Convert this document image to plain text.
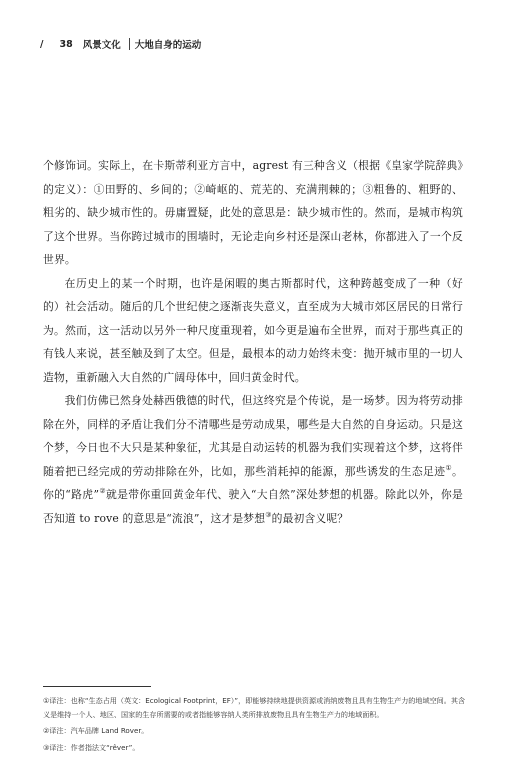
/ 38 风景文化 大地自身的运动

个修饰词。实际上，在卡斯蒂利亚方言中，agrest 有三种含义（根据《皇家学院辞典》的定义）：①田野的、乡间的；②崎岖的、荒芜的、充满荆棘的；③粗鲁的、粗野的、粗劣的、缺少城市性的。毋庸置疑，此处的意思是：缺少城市性的。然而，是城市构筑了这个世界。当你跨过城市的围墙时，无论走向乡村还是深山老林，你都进入了一个反世界。

在历史上的某一个时期，也许是闲暇的奥古斯都时代，这种跨越变成了一种（好的）社会活动。随后的几个世纪使之逐渐丧失意义，直至成为大城市郊区居民的日常行为。然而，这一活动以另外一种尺度重现着，如今更是遍布全世界，而对于那些真正的有钱人来说，甚至触及到了太空。但是，最根本的动力始终未变：抛开城市里的一切人造物，重新融入大自然的广阔母体中，回归黄金时代。

我们仿佛已然身处赫西俄德的时代，但这终究是个传说，是一场梦。因为将劳动排除在外，同样的矛盾让我们分不清哪些是劳动成果，哪些是大自然的自身运动。只是这个梦，今日也不大只是某种象征，尤其是自动运转的机器为我们实现着这个梦，这将伴随着把已经完成的劳动排除在外，比如，那些消耗掉的能源，那些诱发的生态足迹①。你的“路虎”②就是带你重回黄金年代、驶入“大自然”深处梦想的机器。除此以外，你是否知道 to rove 的意思是“流浪”，这才是梦想③的最初含义呢？

①译注：也称“生态占用（英文：Ecological Footprint，EF）”，即能够持续地提供资源或消纳废物且具有生物生产力的地域空间。其含义是维持一个人、地区、国家的生存所需要的或者指能够容纳人类所排放废物且具有生物生产力的地域面积。

②译注：汽车品牌 Land Rover。

③译注：作者指法文“rêver”。
